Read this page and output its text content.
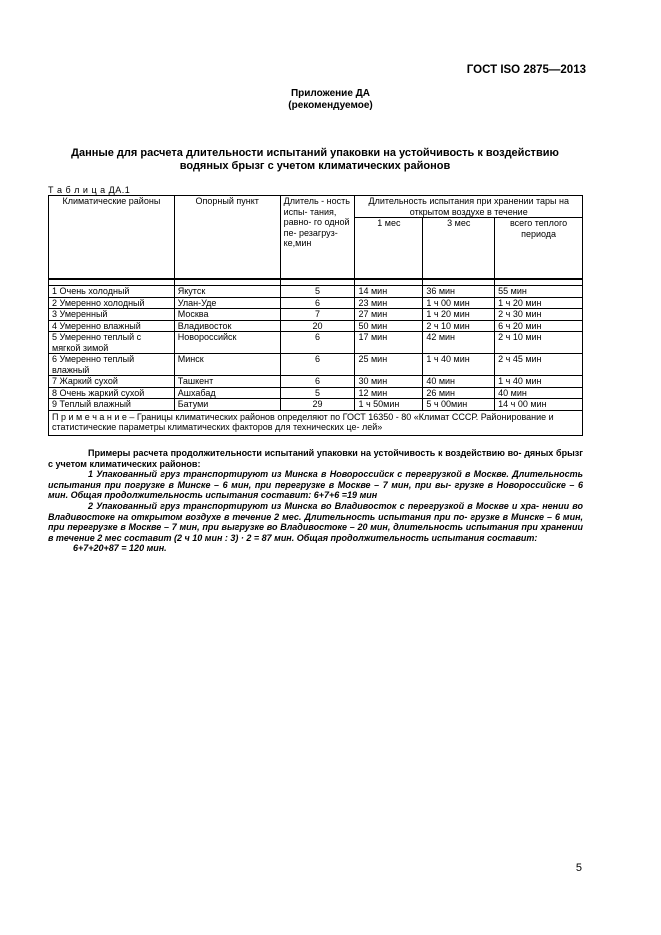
ГОСТ ISO 2875—2013
Приложение ДА
(рекомендуемое)
Данные для расчета длительности испытаний упаковки на устойчивость к воздействию
водяных брызг с учетом климатических районов
Т а б л и ц а ДА.1
Климатические районы	Опорный пункт	Длитель - ность испы- тания, равно- го одной пе- резагруз-ке,мин	Длительность испытания при хранении тары на открытом воздухе в течение		
			1 мес	3 мес	всего теплого периода

1 Очень холодный	Якутск	5	14 мин	36 мин	55 мин
2 Умеренно холодный	Улан-Уде	6	23 мин	1 ч 00 мин	1 ч 20 мин
3 Умеренный	Москва	7	27 мин	1 ч 20 мин	2 ч 30 мин
4 Умеренно влажный	Владивосток	20	50 мин	2 ч 10 мин	6 ч 20 мин
5 Умеренно теплый с мягкой зимой	Новороссийск	6	17 мин	42 мин	2 ч 10 мин
6 Умеренно теплый влажный	Минск	6	25 мин	1 ч 40 мин	2 ч 45 мин
7 Жаркий сухой	Ташкент	6	30 мин	40 мин	1 ч 40 мин
8 Очень жаркий сухой	Ашхабад	5	12 мин	26 мин	40 мин
9 Теплый влажный	Батуми	29	1 ч 50мин	5 ч 00мин	14 ч 00 мин
П р и м е ч а н и е – Границы климатических районов определяют по ГОСТ 16350 - 80 «Климат СССР. Районирование и статистические параметры климатических факторов для технических це- лей»					

Примеры расчета продолжительности испытаний упаковки на устойчивость к воздействию во- дяных брызг с учетом климатических районов:

1 Упакованный груз транспортируют из Минска в Новороссийск с перегрузкой в Москве. Длительность испытания при погрузке в Минске – 6 мин, при перегрузке в Москве – 7 мин, при вы- грузке в Новороссийске – 6 мин. Общая продолжительность испытания составит: 6+7+6 =19 мин

2 Упакованный груз транспортируют из Минска во Владивосток с перегрузкой в Москве и хра- нении во Владивостоке на открытом воздухе в течение 2 мес. Длительность испытания при по- грузке в Минске – 6 мин, при перегрузке в Москве – 7 мин, при выгрузке во Владивостоке – 20 мин, длительность испытания при хранении в течение 2 мес составит (2 ч 10 мин : 3) · 2 = 87 мин. Общая продолжительность испытания составит:

6+7+20+87 = 120 мин.

5
